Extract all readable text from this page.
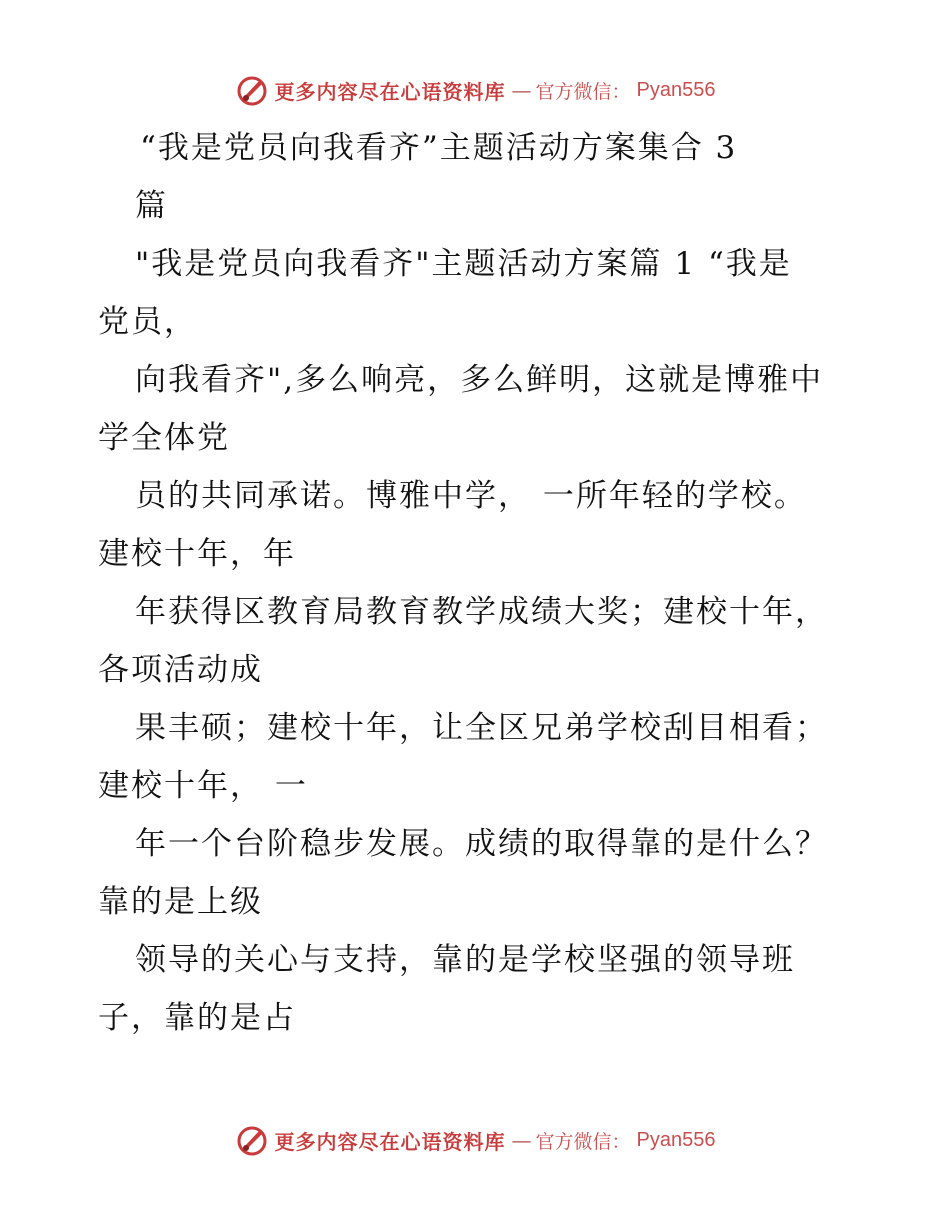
更多内容尽在心语资料库 — 官方微信： Pyan556
“我是党员向我看齐”主题活动方案集合 3
篇
"我是党员向我看齐"主题活动方案篇 1 “我是
党员，
向我看齐",多么响亮，多么鲜明，这就是博雅中
学全体党
员的共同承诺。博雅中学， 一所年轻的学校。
建校十年，年
年获得区教育局教育教学成绩大奖；建校十年，
各项活动成
果丰硕；建校十年，让全区兄弟学校刮目相看；
建校十年， 一
年一个台阶稳步发展。成绩的取得靠的是什么？
靠的是上级
领导的关心与支持，靠的是学校坚强的领导班
子，靠的是占
更多内容尽在心语资料库 — 官方微信： Pyan556
